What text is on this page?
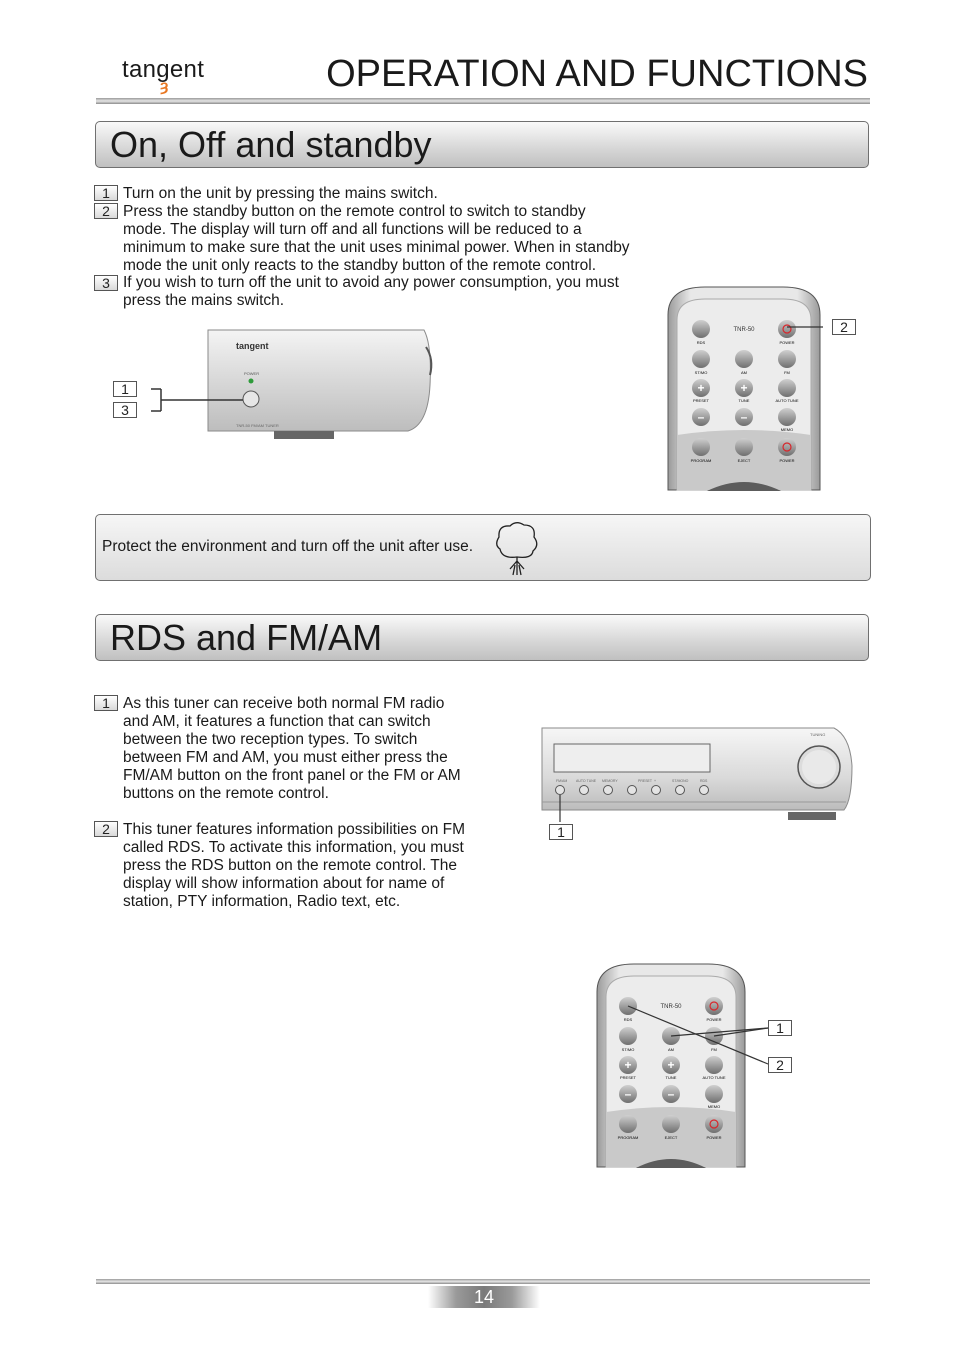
tangent
ȝ	OPERATION AND FUNCTIONS
On, Off and standby
1 Turn on the unit by pressing the mains switch.
2 Press the standby button on the remote control to switch to standby
mode. The display will turn off and all functions will be reduced to a
minimum to make sure that the unit uses minimal power. When in standby
mode the unit only reacts to the standby button of the remote control.
3 If you wish to turn off the unit to avoid any power consumption, you must
press the mains switch.
tangent
POWER
TNR-50 FM/AM TUNER
1
3
TNR-50
RDS	POWER
ST/MO	AM	FM
+	+
PRESET	TUNE	AUTO TUNE
–	–
MEMO
PROGRAM	EJECT	POWER
2
Protect the environment and turn off the unit after use.
RDS and FM/AM
1 As this tuner can receive both normal FM radio
and AM, it features a function that can switch
between the two reception types. To switch
between FM and AM, you must either press the
FM/AM button on the front panel or the FM or AM
buttons on the remote control.
2 This tuner features information possibilities on FM
called RDS. To activate this information, you must
press the RDS button on the remote control. The
display will show information about for name of
station, PTY information, Radio text, etc.
TUNING
FM/AM AUTO TUNE MEMORY	PRESET +	ST/MONO	RDS
1
TNR-50
RDS	POWER
ST/MO	AM	FM
+	+
PRESET	TUNE	AUTO TUNE
–	–
MEMO
PROGRAM	EJECT	POWER
1
2
14
